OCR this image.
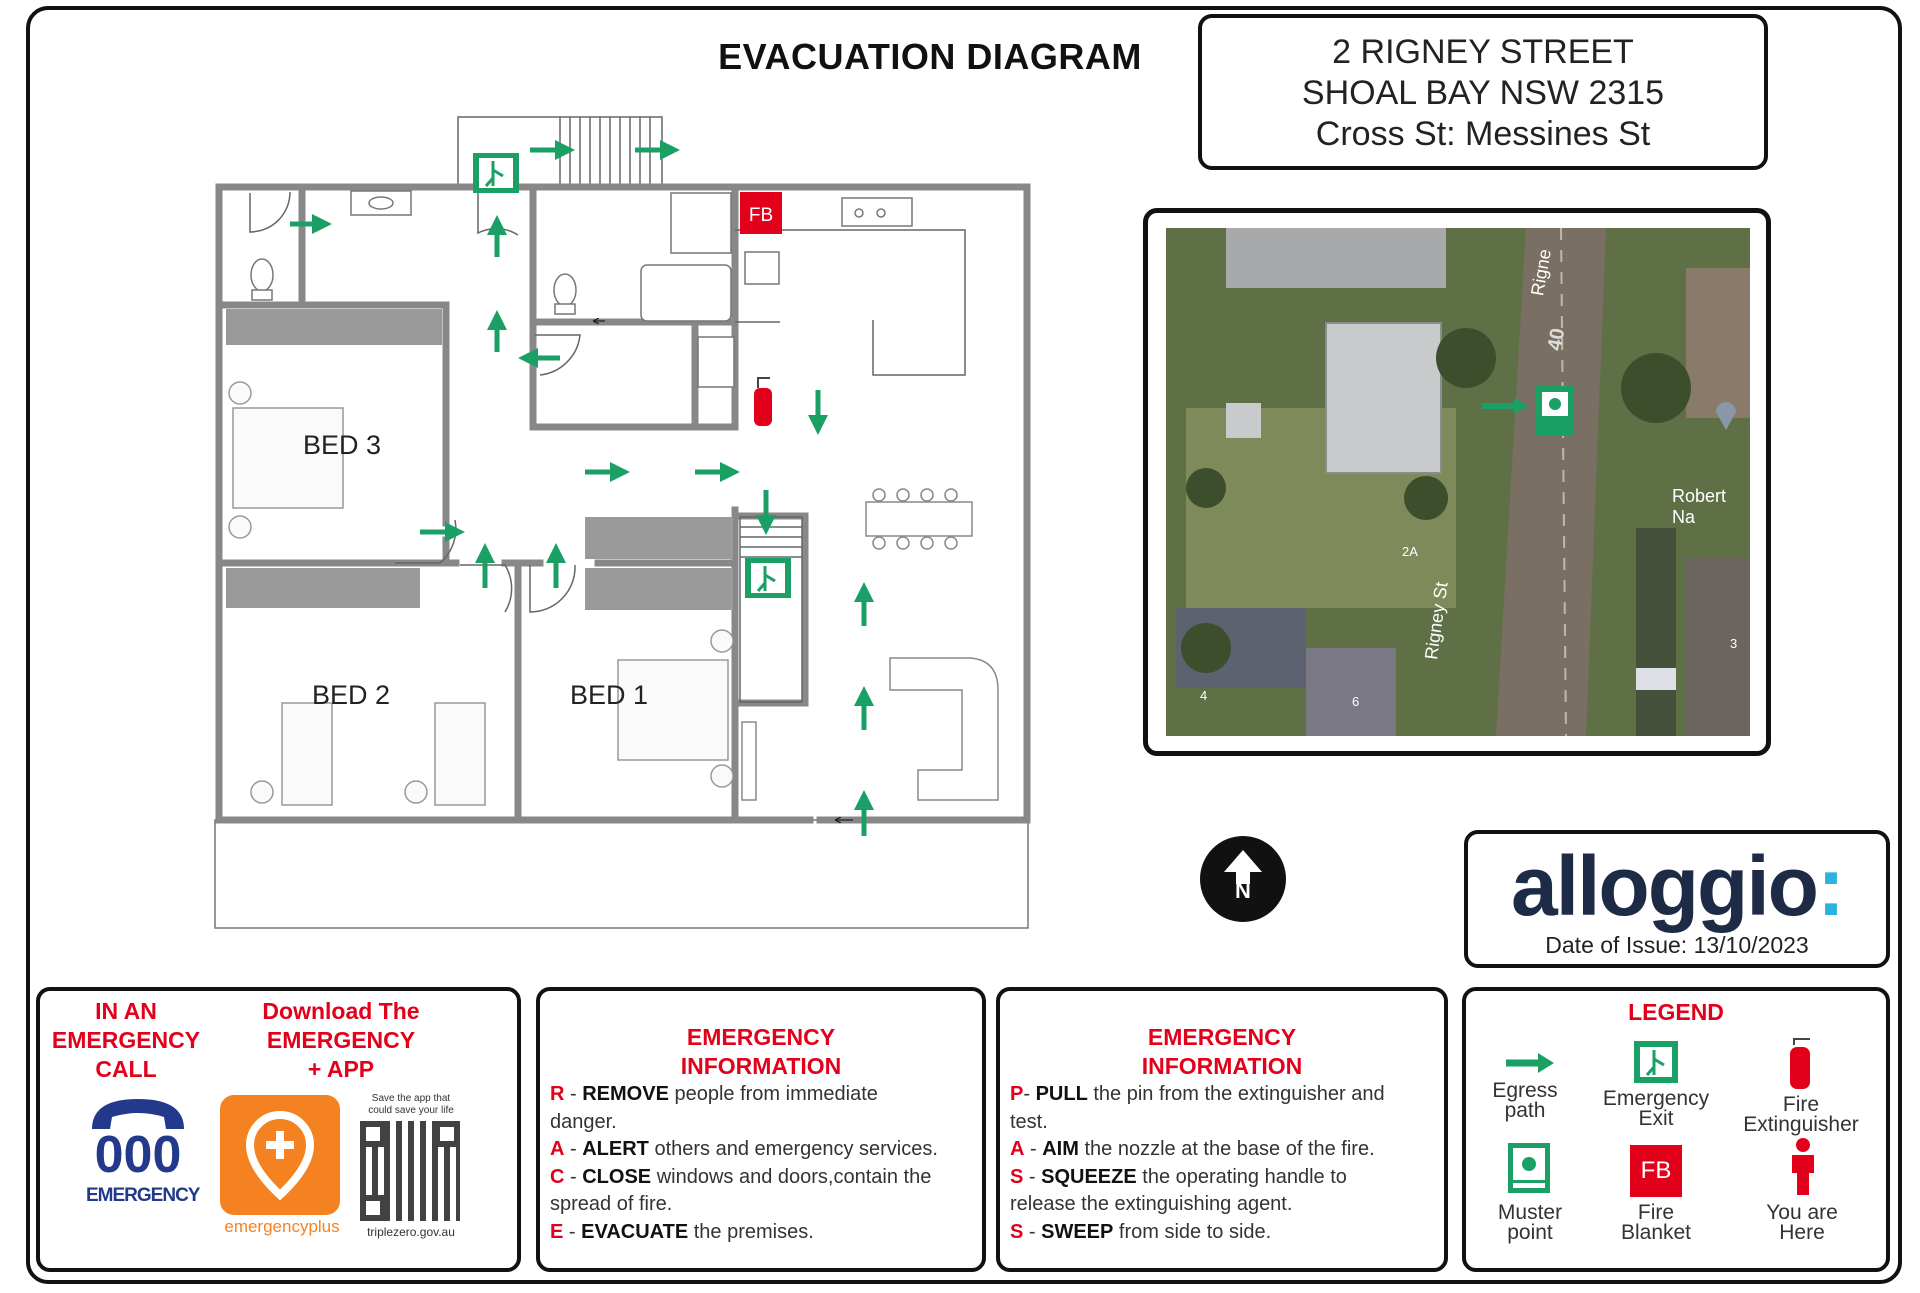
EVACUATION DIAGRAM	2 RIGNEY STREET
SHOAL BAY NSW 2315
Cross St: Messines St
FB
BED 3
BED 2	BED 1
Rigne
Rigney St
Robert Na
2A
4	6
3
40
N	alloggio:
Date of Issue: 13/10/2023
IN AN
EMERGENCY
CALL
Download The
EMERGENCY
+ APP
000
EMERGENCY
emergencyplus
Save the app that
could save your life
triplezero.gov.au
EMERGENCY
INFORMATION
R - REMOVE people from immediate
danger.
A - ALERT others and emergency services.
C - CLOSE windows and doors,contain the
spread of fire.
E - EVACUATE the premises.
EMERGENCY
INFORMATION
P- PULL the pin from the extinguisher and
test.
A - AIM the nozzle at the base of the fire.
S - SQUEEZE the operating handle to
release the extinguishing agent.
S - SWEEP from side to side.
LEGEND
Egress
path
Emergency
Exit
Fire
Extinguisher
Muster
point
FB
Fire
Blanket
You are
Here
